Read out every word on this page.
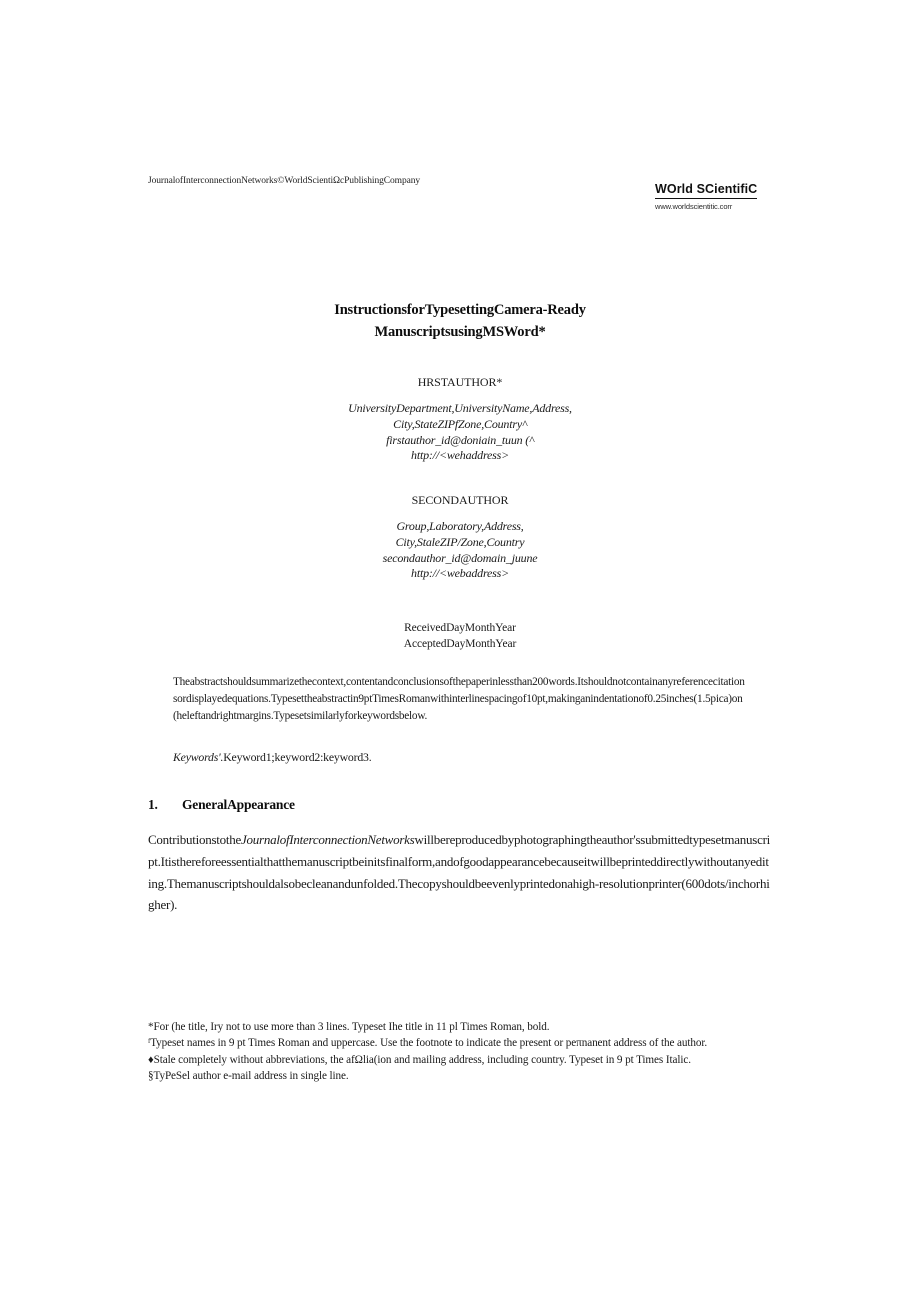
JournalofInterconnectionNetworks©WorldScientiΩcPublishingCompany
WOrld SCientifiC
www.worldscientitic.corr
InstructionsforTypesettingCamera-Ready
ManuscriptsusingMSWord*
HRSTAUTHOR*
UniversityDepartment,UniversityName,Address,
City,StateZIPfZone,Country^
firstauthor_id@doniain_tuun (^
http://<wehaddress>
SECONDAUTHOR
Group,Laboratory,Address,
City,StaleZIP/Zone,Country
secondauthor_id@domain_juune
http://<webaddress>
ReceivedDayMonthYear
AcceptedDayMonthYear
Theabstractshouldsummarizethecontext,contentandconclusionsofthepaperinlessthan200words.Itshouldnotcontainanyreferencecitationsordisplayedequations.Typesettheabstractin9ptTimesRomanwithinterlinespacingof10pt,makinganindentationof0.25inches(1.5pica)on(heleftandrightmargins.Typesetsimilarlyforkeywordsbelow.
Keywords'.Keyword1;keyword2:keyword3.
1. GeneralAppearance
ContributionstotheJournalofInterconnectionNetworkswillbereproducedbyphotographingtheauthor'ssubmittedtypesetmanuscript.Itisthereforeessentialthatthemanuscriptbeinitsfinalform,andofgoodappearancebecauseitwillbeprinteddirectlywithoutanyediting.Themanuscriptshouldalsobecleanandunfolded.Thecopyshouldbeevenlyprintedonahigh-resolutionprinter(600dots/inchorhigher).
*For (he title, Iry not to use more than 3 lines. Typeset Ihe title in 11 pl Times Roman, bold.
ᶠTypeset names in 9 pt Times Roman and uppercase. Use the footnote to indicate the present or peπnanent address of the author.
♦Stale completely without abbreviations, the afΩlia(ion and mailing address, including country. Typeset in 9 pt Times Italic.
§TyPeSel author e-mail address in single line.
